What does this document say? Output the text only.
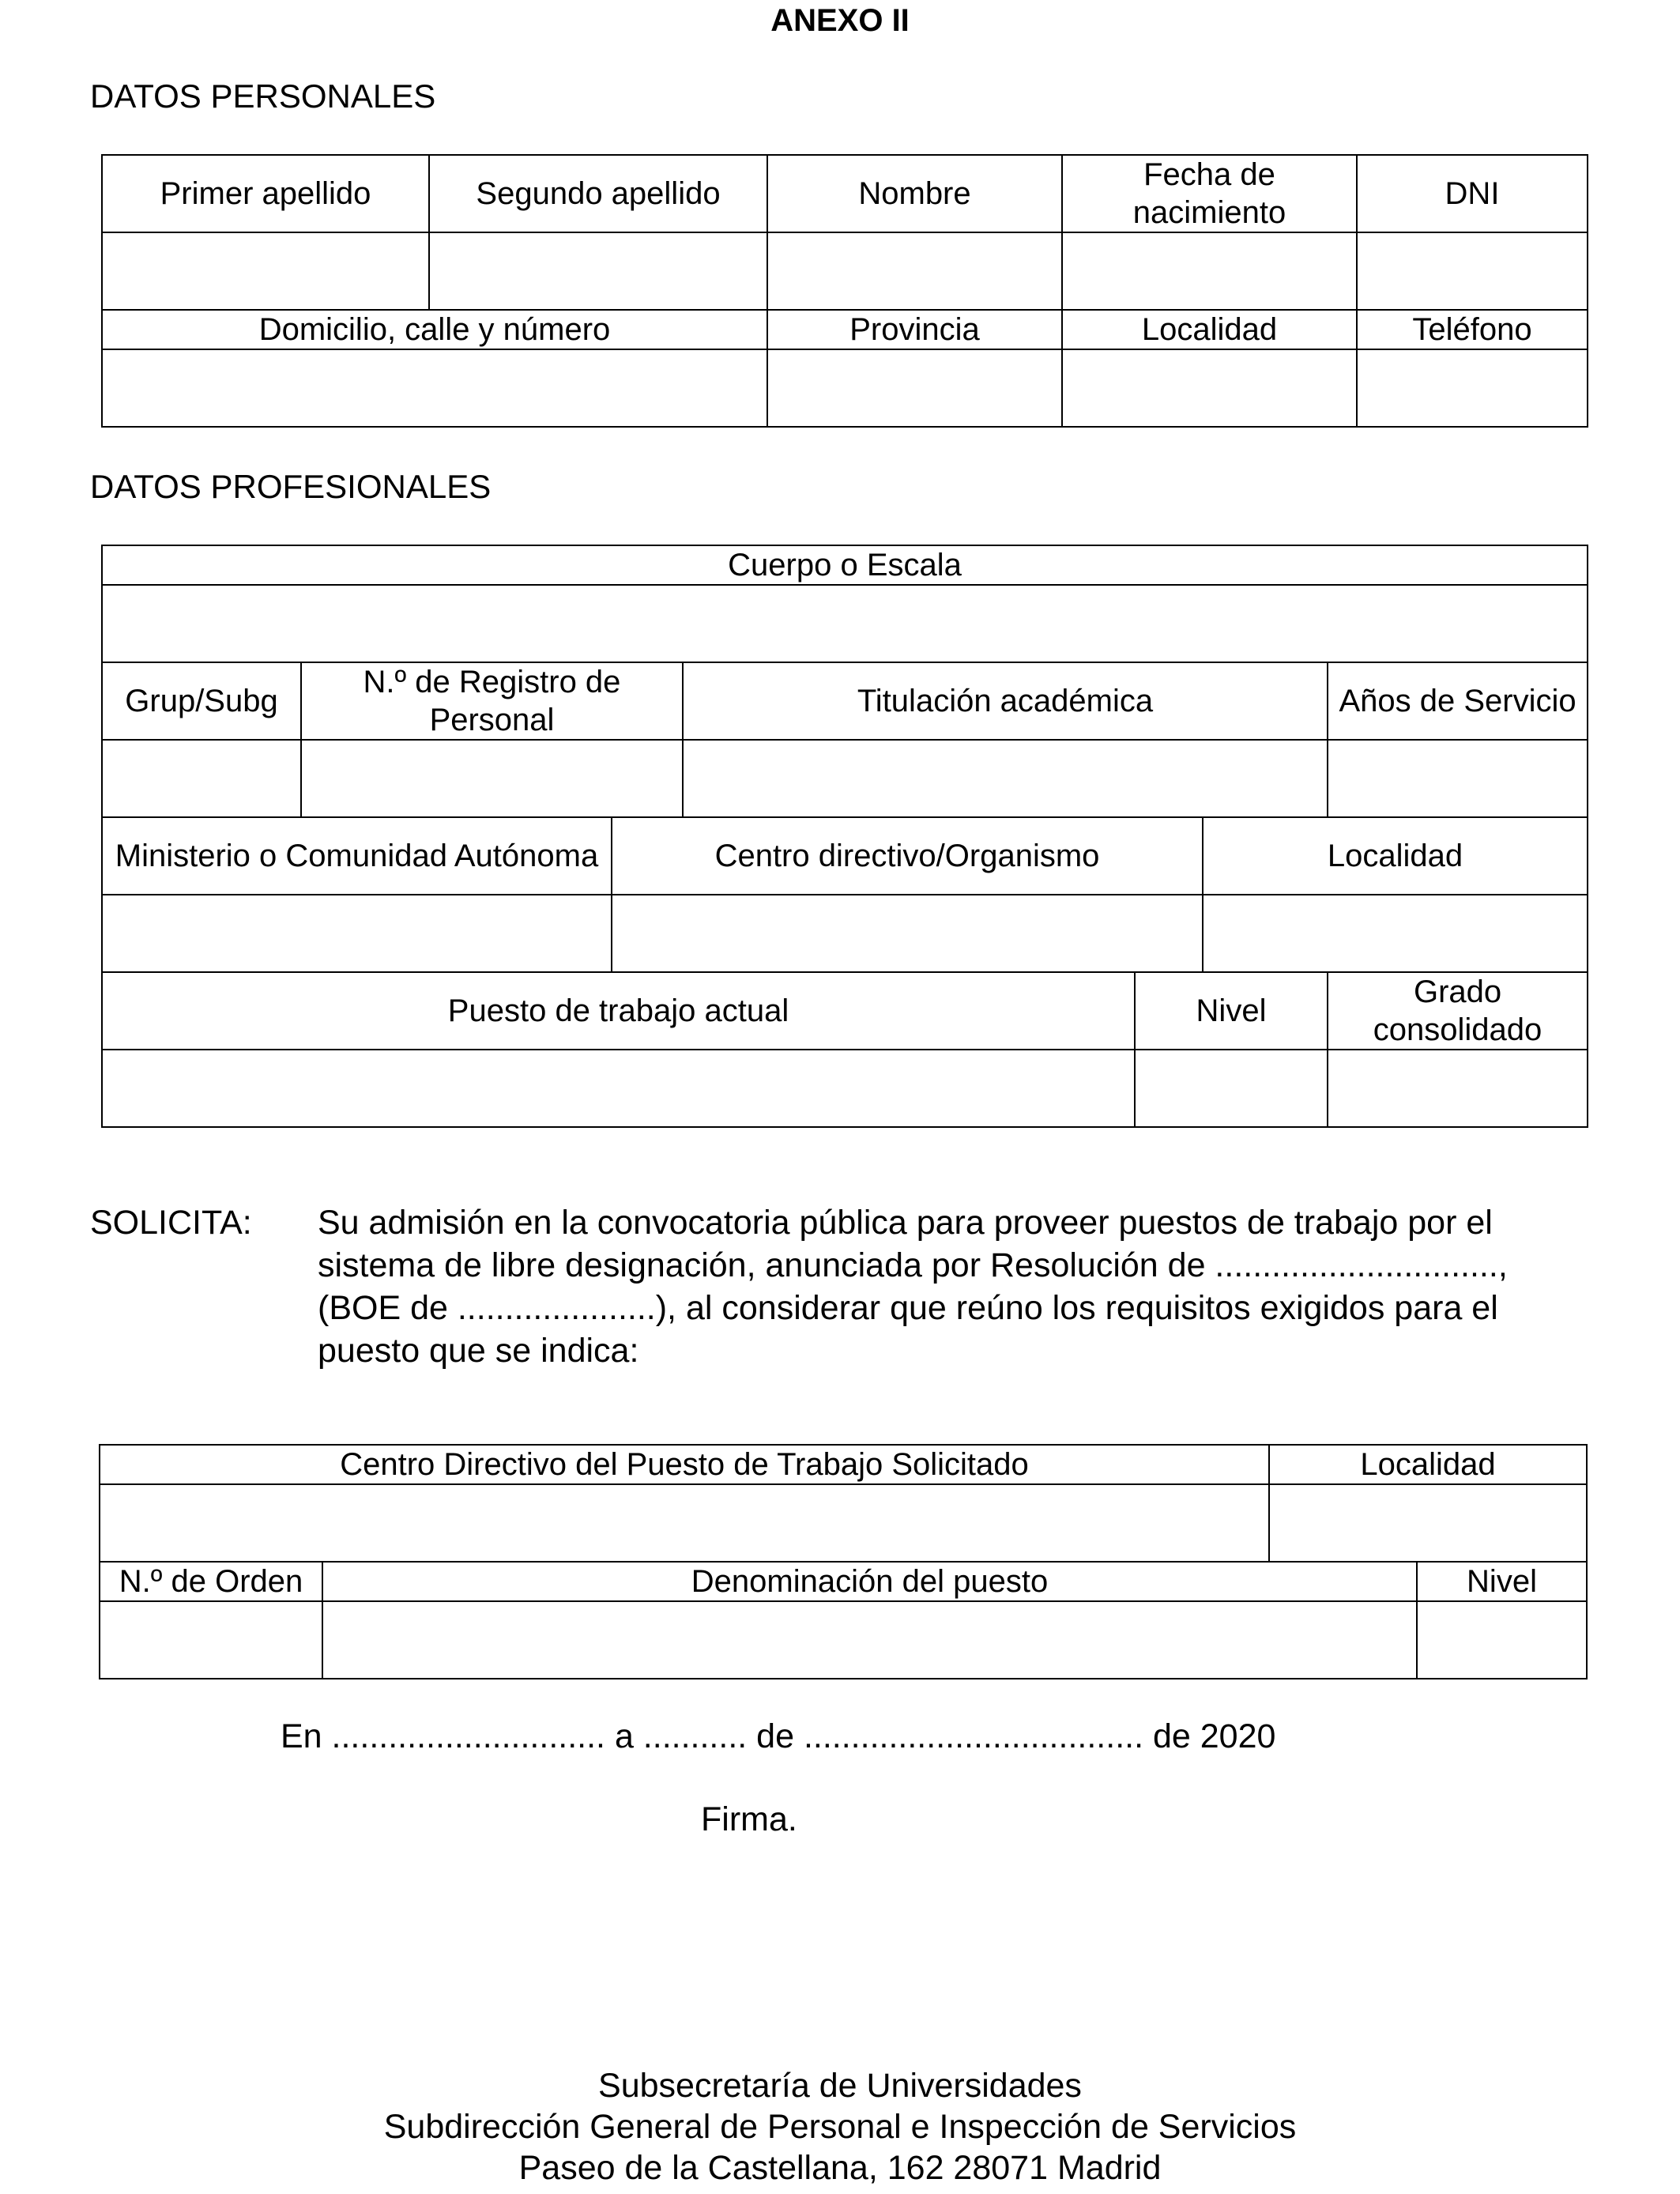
ANEXO II
DATOS PERSONALES
Primer apellido	Segundo apellido	Nombre	Fecha de nacimiento	DNI

Domicilio, calle y número		Provincia	Localidad	Teléfono

DATOS PROFESIONALES
Cuerpo o Escala						

Grup/Subg	N.º de Registro de Personal		Titulación académica			Años de Servicio

Ministerio o Comunidad Autónoma		Centro directivo/Organismo			Localidad	

Puesto de trabajo actual				Nivel		Grado consolidado

SOLICITA: Su admisión en la convocatoria pública para proveer puestos de trabajo por el sistema de libre designación, anunciada por Resolución de .............................., (BOE de .....................), al considerar que reúno los requisitos exigidos para el puesto que se indica:
Centro Directivo del Puesto de Trabajo Solicitado		Localidad	

N.º de Orden	Denominación del puesto		Nivel

En ............................. a ........... de .................................... de 2020
Firma.
Subsecretaría de Universidades
Subdirección General de Personal e Inspección de Servicios
Paseo de la Castellana, 162 28071 Madrid
